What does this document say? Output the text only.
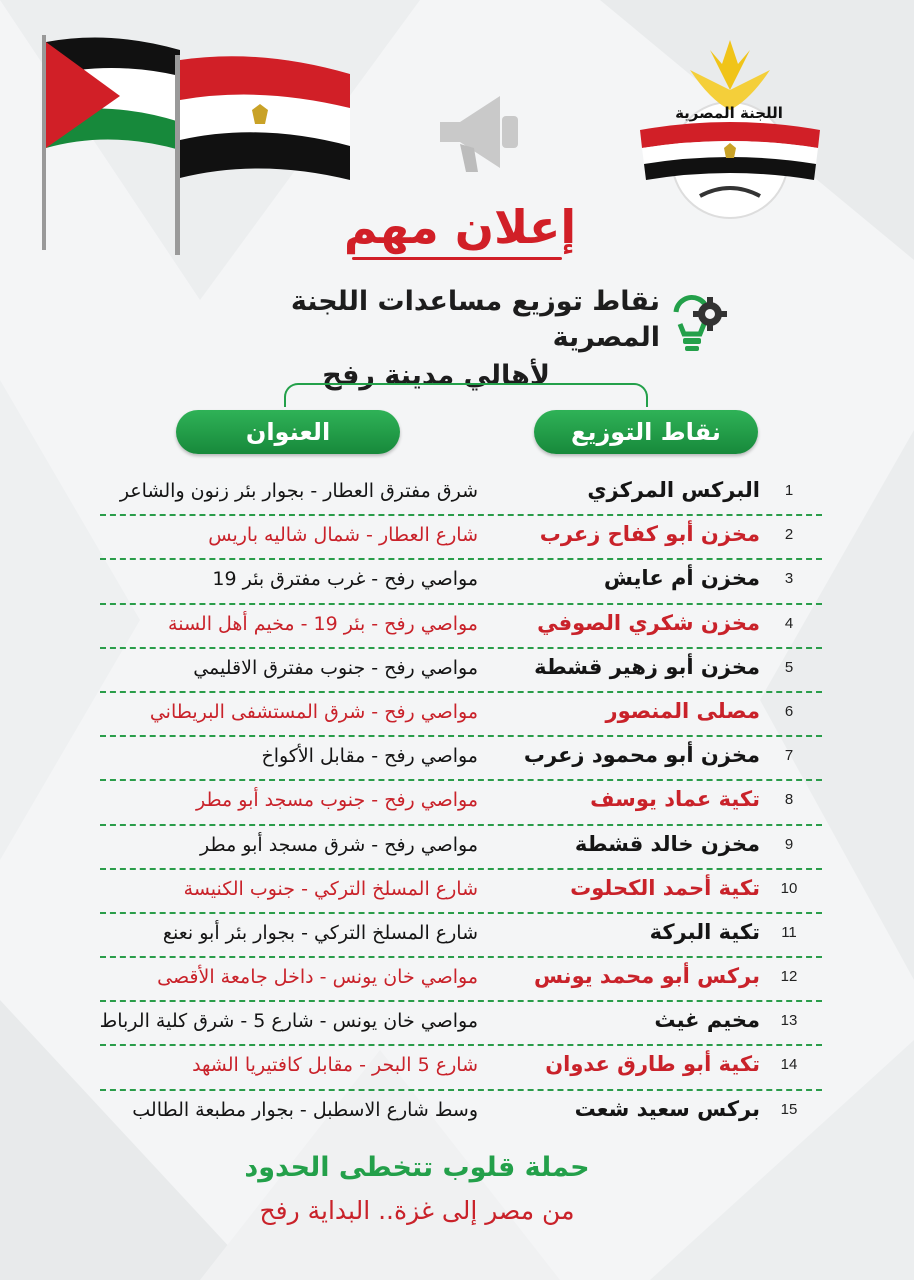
اللجنة المصرية
إعلان مهم
نقاط توزيع مساعدات اللجنة المصرية
لأهالي مدينة رفح
نقاط التوزيع
العنوان
1
البركس المركزي
شرق مفترق العطار - بجوار بئر زنون والشاعر
2
مخزن أبو كفاح زعرب
شارع العطار - شمال شاليه باريس
3
مخزن أم عايش
مواصي رفح - غرب مفترق بئر 19
4
مخزن شكري الصوفي
مواصي رفح - بئر 19 - مخيم أهل السنة
5
مخزن أبو زهير قشطة
مواصي رفح - جنوب مفترق الاقليمي
6
مصلى المنصور
مواصي رفح - شرق المستشفى البريطاني
7
مخزن أبو محمود زعرب
مواصي رفح - مقابل الأكواخ
8
تكية عماد يوسف
مواصي رفح - جنوب مسجد أبو مطر
9
مخزن خالد قشطة
مواصي رفح - شرق مسجد أبو مطر
10
تكية أحمد الكحلوت
شارع المسلخ التركي - جنوب الكنيسة
11
تكية البركة
شارع المسلخ التركي - بجوار بئر أبو نعنع
12
بركس أبو محمد يونس
مواصي خان يونس - داخل جامعة الأقصى
13
مخيم غيث
مواصي خان يونس - شارع 5 - شرق كلية الرباط
14
تكية أبو طارق عدوان
شارع 5 البحر - مقابل كافتيريا الشهد
15
بركس سعيد شعت
وسط شارع الاسطبل - بجوار مطبعة الطالب
حملة قلوب تتخطى الحدود
من مصر إلى غزة.. البداية رفح
